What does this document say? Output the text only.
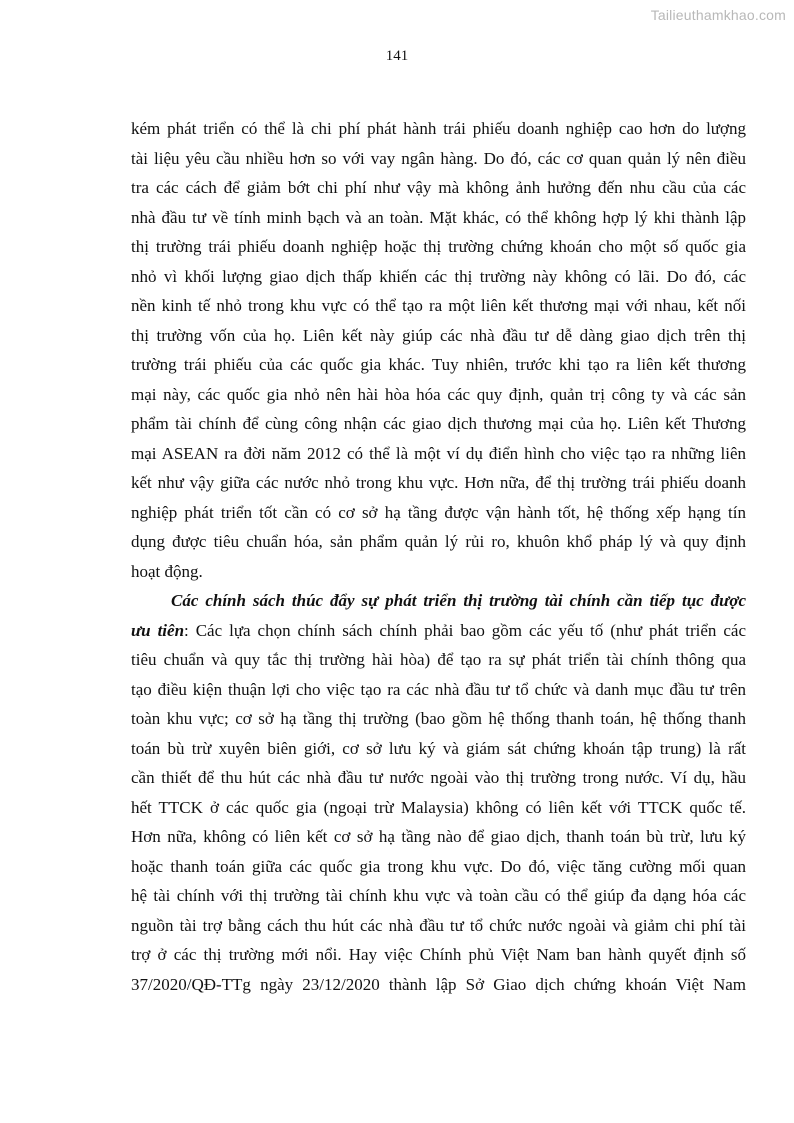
Tailieuthamkhao.com
141
kém phát triển có thể là chi phí phát hành trái phiếu doanh nghiệp cao hơn do lượng
tài liệu yêu cầu nhiều hơn so với vay ngân hàng. Do đó, các cơ quan quản lý nên điều
tra các cách để giảm bớt chi phí như vậy mà không ảnh hưởng đến nhu cầu của các
nhà đầu tư về tính minh bạch và an toàn. Mặt khác, có thể không hợp lý khi thành lập
thị trường trái phiếu doanh nghiệp hoặc thị trường chứng khoán cho một số quốc gia
nhỏ vì khối lượng giao dịch thấp khiến các thị trường này không có lãi. Do đó, các
nền kinh tế nhỏ trong khu vực có thể tạo ra một liên kết thương mại với nhau, kết nối
thị trường vốn của họ. Liên kết này giúp các nhà đầu tư dễ dàng giao dịch trên thị
trường trái phiếu của các quốc gia khác. Tuy nhiên, trước khi tạo ra liên kết thương
mại này, các quốc gia nhỏ nên hài hòa hóa các quy định, quản trị công ty và các sản
phẩm tài chính để cùng công nhận các giao dịch thương mại của họ. Liên kết Thương
mại ASEAN ra đời năm 2012 có thể là một ví dụ điển hình cho việc tạo ra những liên
kết như vậy giữa các nước nhỏ trong khu vực. Hơn nữa, để thị trường trái phiếu doanh
nghiệp phát triển tốt cần có cơ sở hạ tầng được vận hành tốt, hệ thống xếp hạng tín
dụng được tiêu chuẩn hóa, sản phẩm quản lý rủi ro, khuôn khổ pháp lý và quy định
hoạt động.
Các chính sách thúc đẩy sự phát triển thị trường tài chính cần tiếp tục được
ưu tiên: Các lựa chọn chính sách chính phải bao gồm các yếu tố (như phát triển các
tiêu chuẩn và quy tắc thị trường hài hòa) để tạo ra sự phát triển tài chính thông qua
tạo điều kiện thuận lợi cho việc tạo ra các nhà đầu tư tổ chức và danh mục đầu tư trên
toàn khu vực; cơ sở hạ tầng thị trường (bao gồm hệ thống thanh toán, hệ thống thanh
toán bù trừ xuyên biên giới, cơ sở lưu ký và giám sát chứng khoán tập trung) là rất
cần thiết để thu hút các nhà đầu tư nước ngoài vào thị trường trong nước. Ví dụ, hầu
hết TTCK ở các quốc gia (ngoại trừ Malaysia) không có liên kết với TTCK quốc tế.
Hơn nữa, không có liên kết cơ sở hạ tầng nào để giao dịch, thanh toán bù trừ, lưu ký
hoặc thanh toán giữa các quốc gia trong khu vực. Do đó, việc tăng cường mối quan
hệ tài chính với thị trường tài chính khu vực và toàn cầu có thể giúp đa dạng hóa các
nguồn tài trợ bằng cách thu hút các nhà đầu tư tổ chức nước ngoài và giảm chi phí tài
trợ ở các thị trường mới nổi. Hay việc Chính phủ Việt Nam ban hành quyết định số
37/2020/QĐ-TTg ngày 23/12/2020 thành lập Sở Giao dịch chứng khoán Việt Nam
